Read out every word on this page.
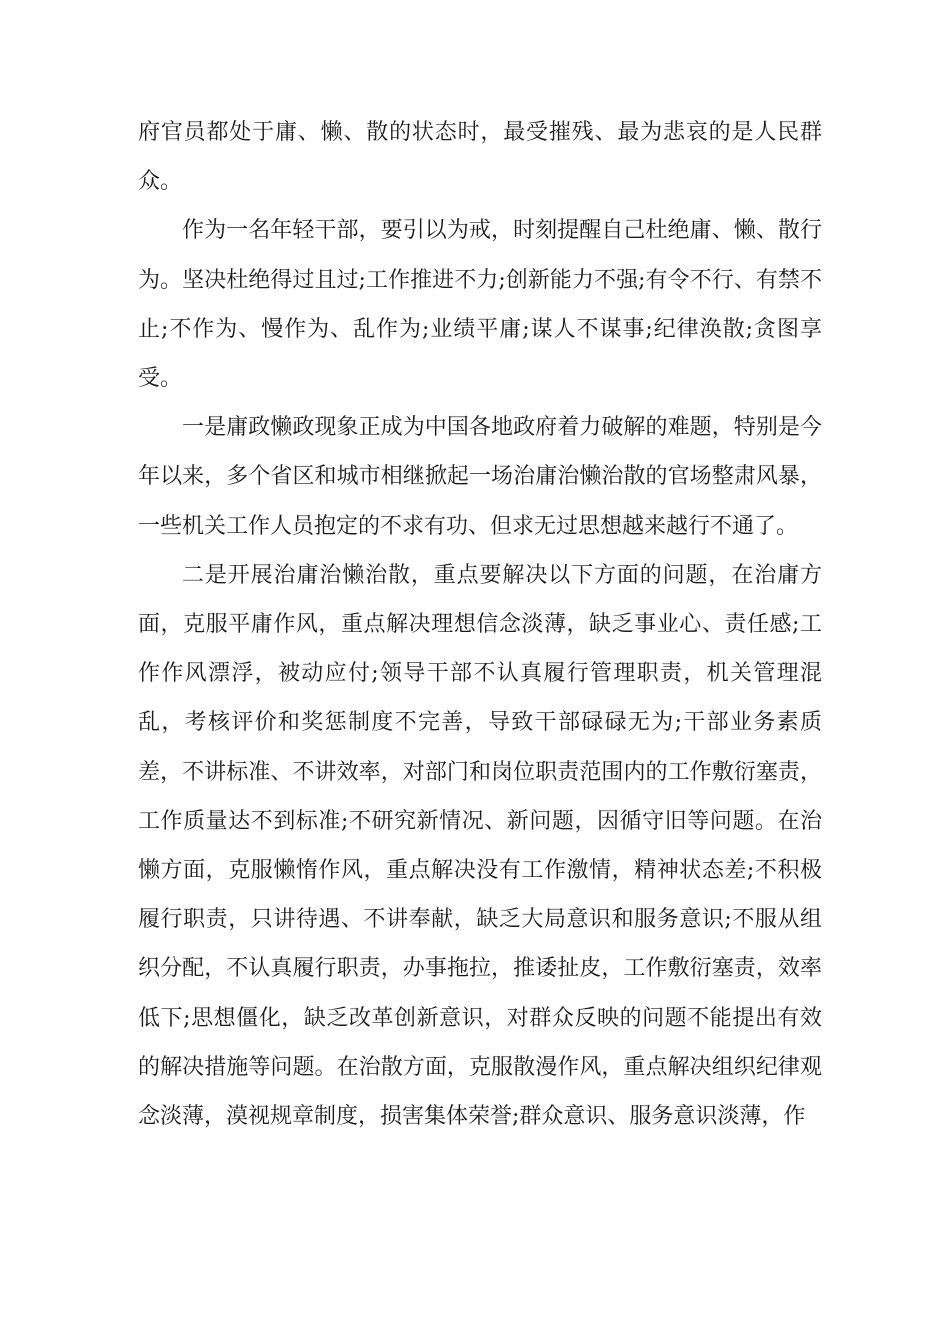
府官员都处于庸、懒、散的状态时，最受摧残、最为悲哀的是人民群众。

作为一名年轻干部，要引以为戒，时刻提醒自己杜绝庸、懒、散行为。坚决杜绝得过且过;工作推进不力;创新能力不强;有令不行、有禁不止;不作为、慢作为、乱作为;业绩平庸;谋人不谋事;纪律涣散;贪图享受。

一是庸政懒政现象正成为中国各地政府着力破解的难题，特别是今年以来，多个省区和城市相继掀起一场治庸治懒治散的官场整肃风暴，一些机关工作人员抱定的不求有功、但求无过思想越来越行不通了。

二是开展治庸治懒治散，重点要解决以下方面的问题，在治庸方面，克服平庸作风，重点解决理想信念淡薄，缺乏事业心、责任感;工作作风漂浮，被动应付;领导干部不认真履行管理职责，机关管理混乱，考核评价和奖惩制度不完善，导致干部碌碌无为;干部业务素质差，不讲标准、不讲效率，对部门和岗位职责范围内的工作敷衍塞责，工作质量达不到标准;不研究新情况、新问题，因循守旧等问题。在治懒方面，克服懒惰作风，重点解决没有工作激情，精神状态差;不积极履行职责，只讲待遇、不讲奉献，缺乏大局意识和服务意识;不服从组织分配，不认真履行职责，办事拖拉，推诿扯皮，工作敷衍塞责，效率低下;思想僵化，缺乏改革创新意识，对群众反映的问题不能提出有效的解决措施等问题。在治散方面，克服散漫作风，重点解决组织纪律观念淡薄，漠视规章制度，损害集体荣誉;群众意识、服务意识淡薄，作
